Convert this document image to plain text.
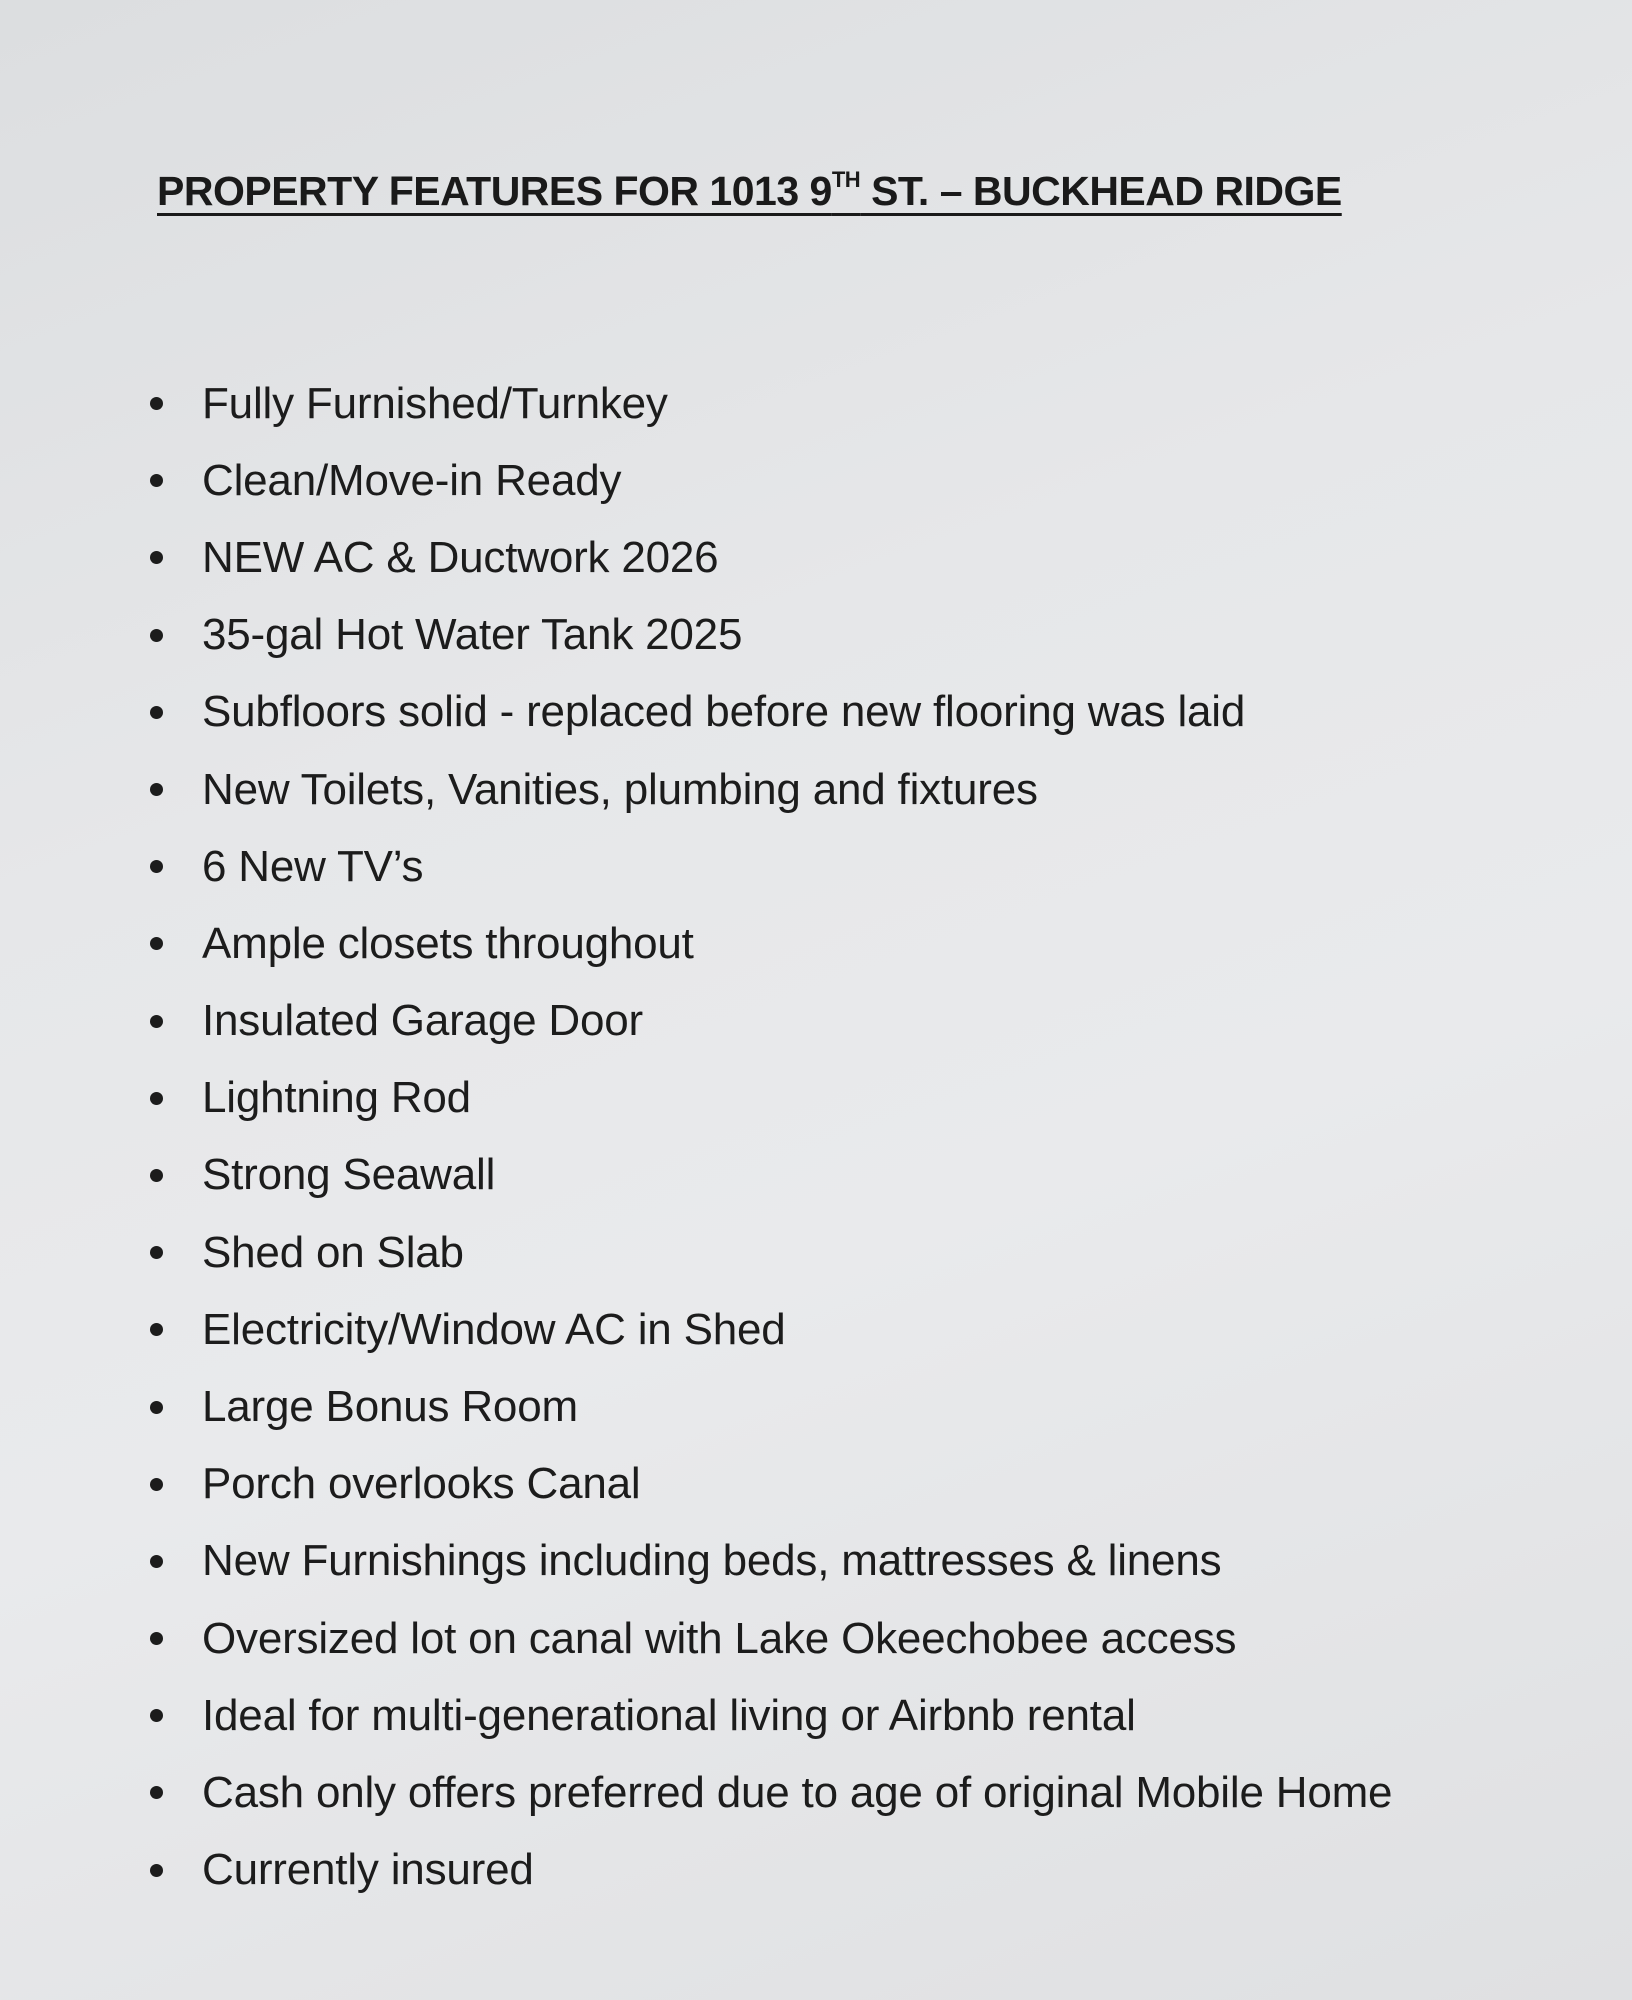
PROPERTY FEATURES FOR 1013 9TH ST. – BUCKHEAD RIDGE
Fully Furnished/Turnkey
Clean/Move-in Ready
NEW AC & Ductwork 2026
35-gal Hot Water Tank 2025
Subfloors solid - replaced before new flooring was laid
New Toilets, Vanities, plumbing and fixtures
6 New TV’s
Ample closets throughout
Insulated Garage Door
Lightning Rod
Strong Seawall
Shed on Slab
Electricity/Window AC in Shed
Large Bonus Room
Porch overlooks Canal
New Furnishings including beds, mattresses & linens
Oversized lot on canal with Lake Okeechobee access
Ideal for multi-generational living or Airbnb rental
Cash only offers preferred due to age of original Mobile Home
Currently insured
